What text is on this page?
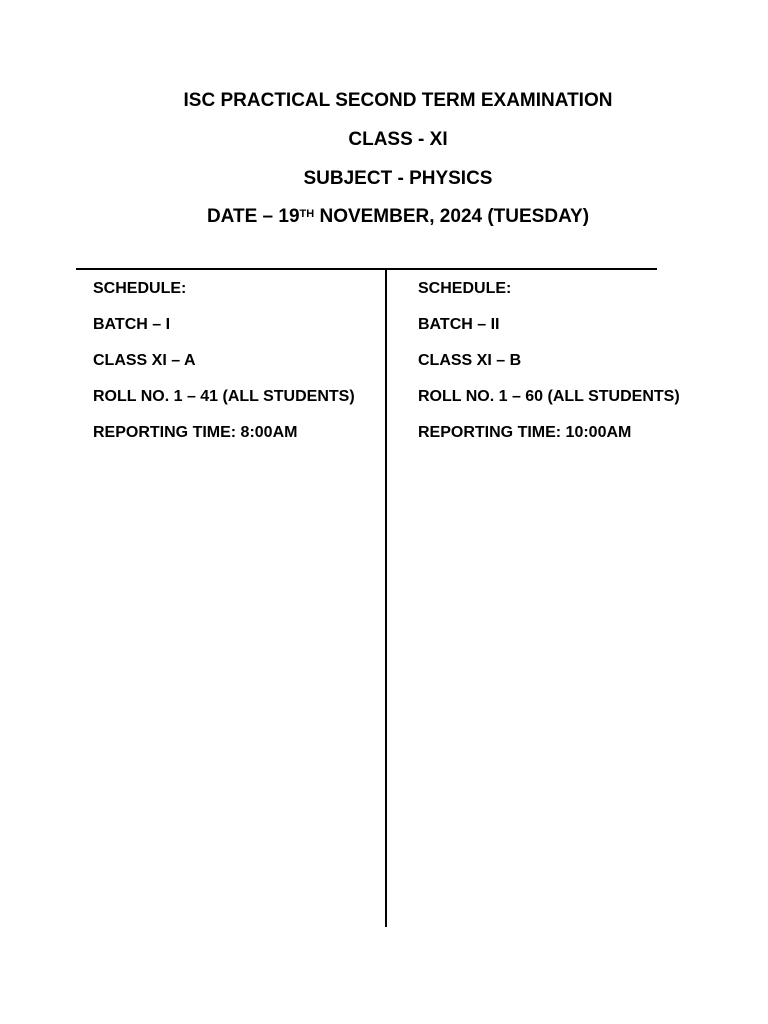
ISC PRACTICAL SECOND TERM EXAMINATION
CLASS - XI
SUBJECT - PHYSICS
DATE – 19TH NOVEMBER, 2024 (TUESDAY)
SCHEDULE:
BATCH – I
CLASS XI – A
ROLL NO. 1 – 41 (ALL STUDENTS)
REPORTING TIME: 8:00AM
SCHEDULE:
BATCH – II
CLASS XI – B
ROLL NO. 1 – 60 (ALL STUDENTS)
REPORTING TIME: 10:00AM
